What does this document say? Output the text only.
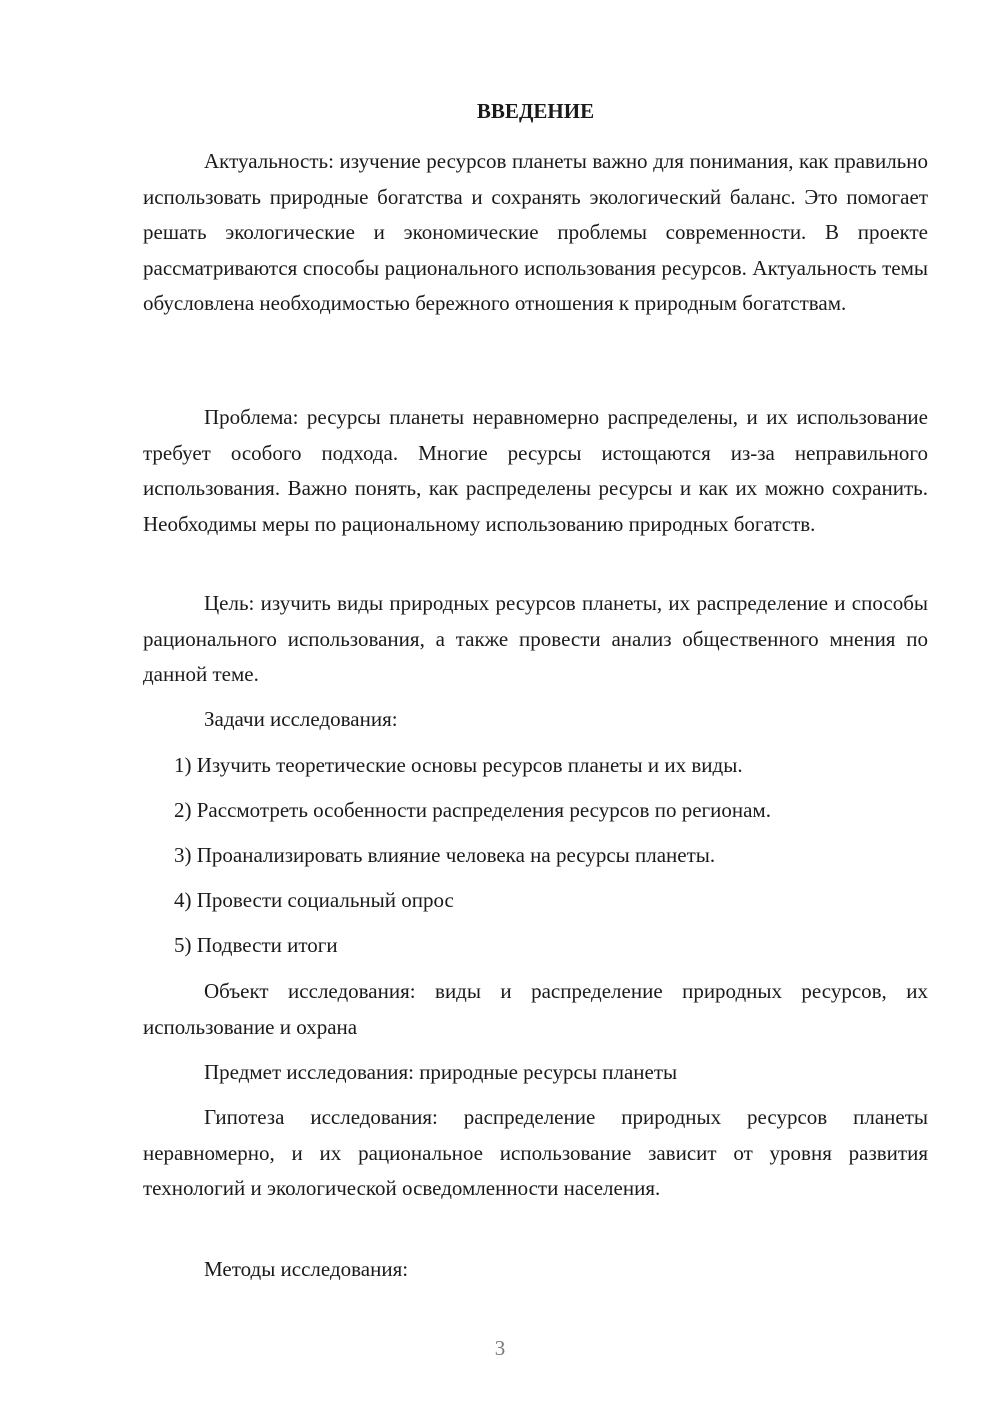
ВВЕДЕНИЕ

Актуальность: изучение ресурсов планеты важно для понимания, как правильно использовать природные богатства и сохранять экологический баланс. Это помогает решать экологические и экономические проблемы современности. В проекте рассматриваются способы рационального использования ресурсов. Актуальность темы обусловлена необходимостью бережного отношения к природным богатствам.

Проблема: ресурсы планеты неравномерно распределены, и их использование требует особого подхода. Многие ресурсы истощаются из-за неправильного использования. Важно понять, как распределены ресурсы и как их можно сохранить. Необходимы меры по рациональному использованию природных богатств.

Цель: изучить виды природных ресурсов планеты, их распределение и способы рационального использования, а также провести анализ общественного мнения по данной теме.

Задачи исследования:

1) Изучить теоретические основы ресурсов планеты и их виды.

2) Рассмотреть особенности распределения ресурсов по регионам.

3) Проанализировать влияние человека на ресурсы планеты.

4) Провести социальный опрос

5) Подвести итоги

Объект исследования: виды и распределение природных ресурсов, их использование и охрана

Предмет исследования: природные ресурсы планеты

Гипотеза исследования: распределение природных ресурсов планеты неравномерно, и их рациональное использование зависит от уровня развития технологий и экологической осведомленности населения.

Методы исследования:

3
